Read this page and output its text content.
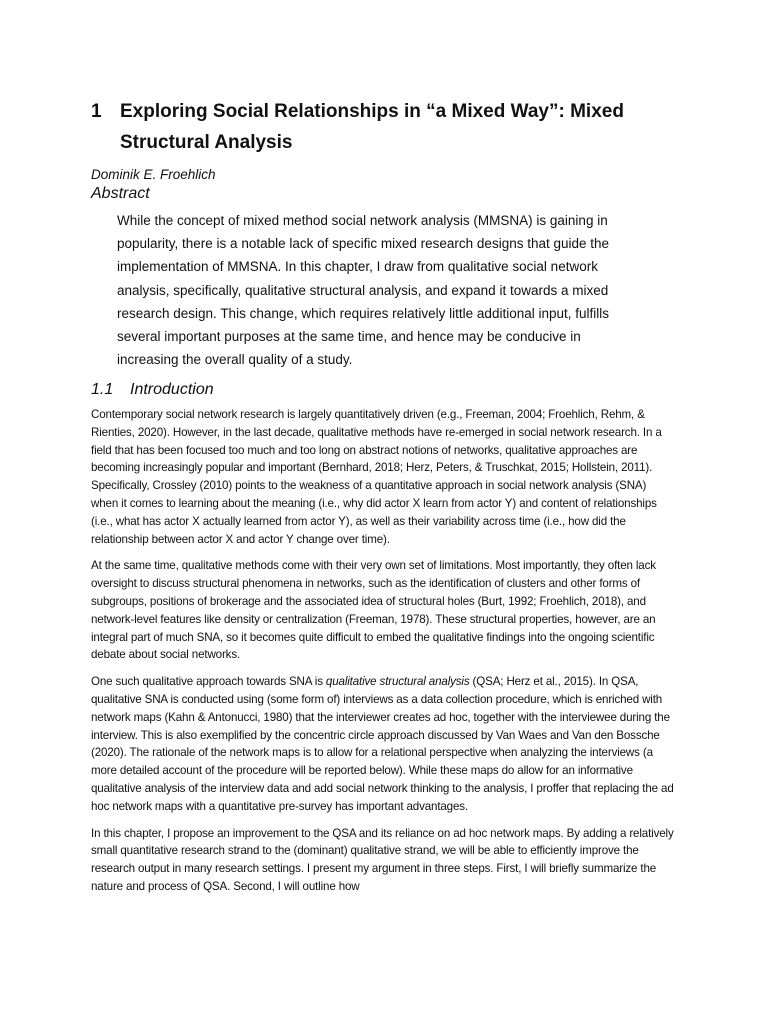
1 Exploring Social Relationships in “a Mixed Way”: Mixed Structural Analysis
Dominik E. Froehlich
Abstract

While the concept of mixed method social network analysis (MMSNA) is gaining in popularity, there is a notable lack of specific mixed research designs that guide the implementation of MMSNA. In this chapter, I draw from qualitative social network analysis, specifically, qualitative structural analysis, and expand it towards a mixed research design. This change, which requires relatively little additional input, fulfills several important purposes at the same time, and hence may be conducive in increasing the overall quality of a study.

1.1 Introduction

Contemporary social network research is largely quantitatively driven (e.g., Freeman, 2004; Froehlich, Rehm, & Rienties, 2020). However, in the last decade, qualitative methods have re-emerged in social network research. In a field that has been focused too much and too long on abstract notions of networks, qualitative approaches are becoming increasingly popular and important (Bernhard, 2018; Herz, Peters, & Truschkat, 2015; Hollstein, 2011). Specifically, Crossley (2010) points to the weakness of a quantitative approach in social network analysis (SNA) when it comes to learning about the meaning (i.e., why did actor X learn from actor Y) and content of relationships (i.e., what has actor X actually learned from actor Y), as well as their variability across time (i.e., how did the relationship between actor X and actor Y change over time).

At the same time, qualitative methods come with their very own set of limitations. Most importantly, they often lack oversight to discuss structural phenomena in networks, such as the identification of clusters and other forms of subgroups, positions of brokerage and the associated idea of structural holes (Burt, 1992; Froehlich, 2018), and network-level features like density or centralization (Freeman, 1978). These structural properties, however, are an integral part of much SNA, so it becomes quite difficult to embed the qualitative findings into the ongoing scientific debate about social networks.

One such qualitative approach towards SNA is qualitative structural analysis (QSA; Herz et al., 2015). In QSA, qualitative SNA is conducted using (some form of) interviews as a data collection procedure, which is enriched with network maps (Kahn & Antonucci, 1980) that the interviewer creates ad hoc, together with the interviewee during the interview. This is also exemplified by the concentric circle approach discussed by Van Waes and Van den Bossche (2020). The rationale of the network maps is to allow for a relational perspective when analyzing the interviews (a more detailed account of the procedure will be reported below). While these maps do allow for an informative qualitative analysis of the interview data and add social network thinking to the analysis, I proffer that replacing the ad hoc network maps with a quantitative pre-survey has important advantages.

In this chapter, I propose an improvement to the QSA and its reliance on ad hoc network maps. By adding a relatively small quantitative research strand to the (dominant) qualitative strand, we will be able to efficiently improve the research output in many research settings. I present my argument in three steps. First, I will briefly summarize the nature and process of QSA. Second, I will outline how
